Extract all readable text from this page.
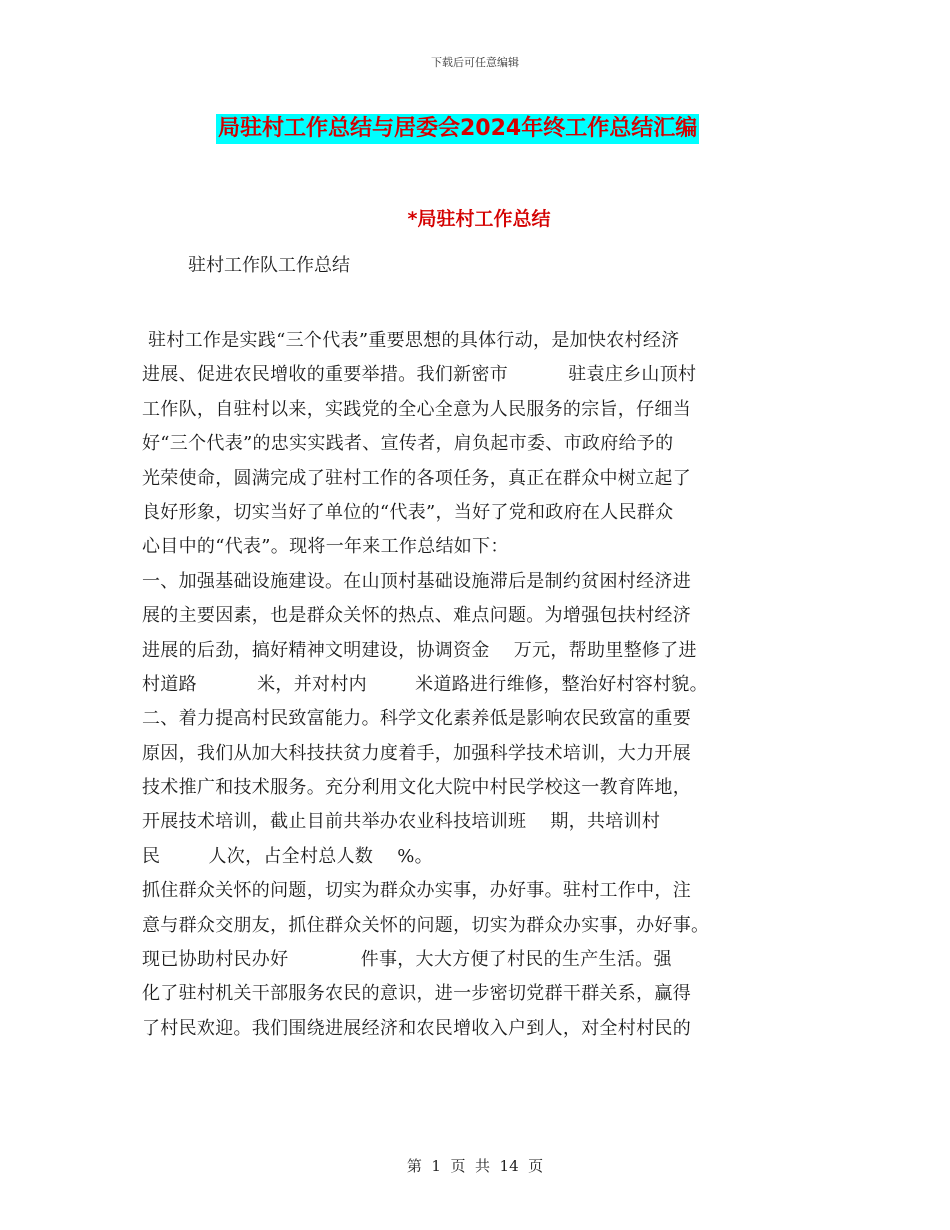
下载后可任意编辑
局驻村工作总结与居委会2024年终工作总结汇编
*局驻村工作总结
驻村工作队工作总结
驻村工作是实践“三个代表”重要思想的具体行动，是加快农村经济
进展、促进农民增收的重要举措。我们新密市          驻袁庄乡山顶村
工作队，自驻村以来，实践党的全心全意为人民服务的宗旨，仔细当
好“三个代表”的忠实实践者、宣传者，肩负起市委、市政府给予的
光荣使命，圆满完成了驻村工作的各项任务，真正在群众中树立起了
良好形象，切实当好了单位的“代表”，当好了党和政府在人民群众
心目中的“代表”。现将一年来工作总结如下：
一、加强基础设施建设。在山顶村基础设施滞后是制约贫困村经济进
展的主要因素，也是群众关怀的热点、难点问题。为增强包扶村经济
进展的后劲，搞好精神文明建设，协调资金    万元，帮助里整修了进
村道路          米，并对村内        米道路进行维修，整治好村容村貌。
二、着力提高村民致富能力。科学文化素养低是影响农民致富的重要
原因，我们从加大科技扶贫力度着手，加强科学技术培训，大力开展
技术推广和技术服务。充分利用文化大院中村民学校这一教育阵地，
开展技术培训，截止目前共举办农业科技培训班    期，共培训村
民        人次，占全村总人数    %。
抓住群众关怀的问题，切实为群众办实事，办好事。驻村工作中，注
意与群众交朋友，抓住群众关怀的问题，切实为群众办实事，办好事。
现已协助村民办好            件事，大大方便了村民的生产生活。强
化了驻村机关干部服务农民的意识，进一步密切党群干群关系，赢得
了村民欢迎。我们围绕进展经济和农民增收入户到人，对全村村民的
第  1  页  共  14  页
